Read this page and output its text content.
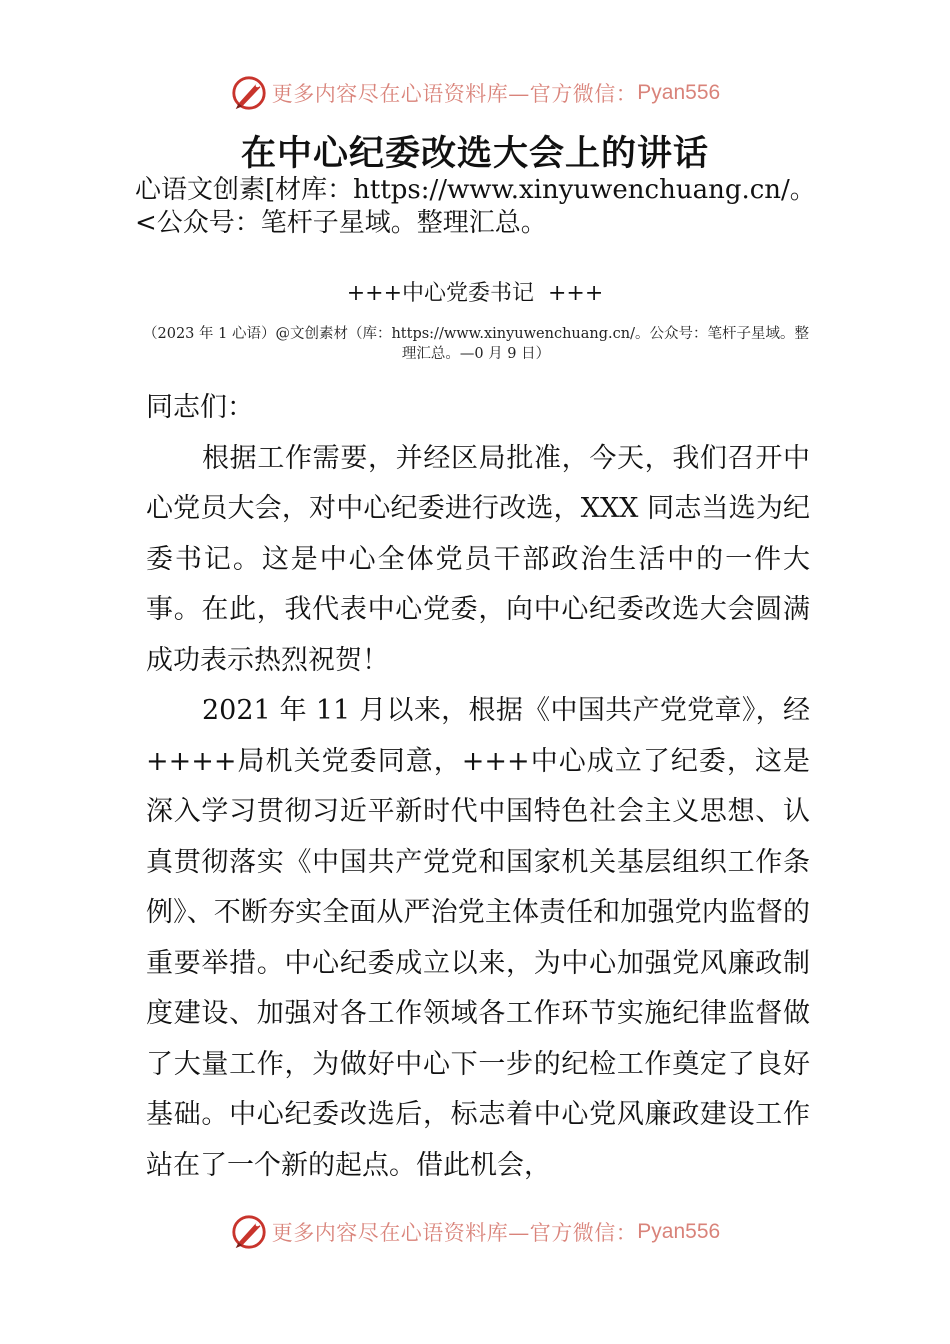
更多内容尽在心语资料库—官方微信： Pyan556
在中心纪委改选大会上的讲话

心语文创素[材库：https://www.xinyuwenchuang.cn/。<公众号：笔杆子星域。整理汇总。

+++中心党委书记  +++

（2023 年 1 心语）@文创素材（库：https://www.xinyuwenchuang.cn/。公众号：笔杆子星域。整理汇总。—0 月 9 日）

同志们：

根据工作需要，并经区局批准，今天，我们召开中心党员大会，对中心纪委进行改选，XXX 同志当选为纪委书记。这是中心全体党员干部政治生活中的一件大事。在此，我代表中心党委，向中心纪委改选大会圆满成功表示热烈祝贺！

2021 年 11 月以来，根据《中国共产党党章》，经++++局机关党委同意，+++中心成立了纪委，这是深入学习贯彻习近平新时代中国特色社会主义思想、认真贯彻落实《中国共产党党和国家机关基层组织工作条例》、不断夯实全面从严治党主体责任和加强党内监督的重要举措。中心纪委成立以来，为中心加强党风廉政制度建设、加强对各工作领域各工作环节实施纪律监督做了大量工作，为做好中心下一步的纪检工作奠定了良好基础。中心纪委改选后，标志着中心党风廉政建设工作站在了一个新的起点。借此机会，

更多内容尽在心语资料库—官方微信： Pyan556
